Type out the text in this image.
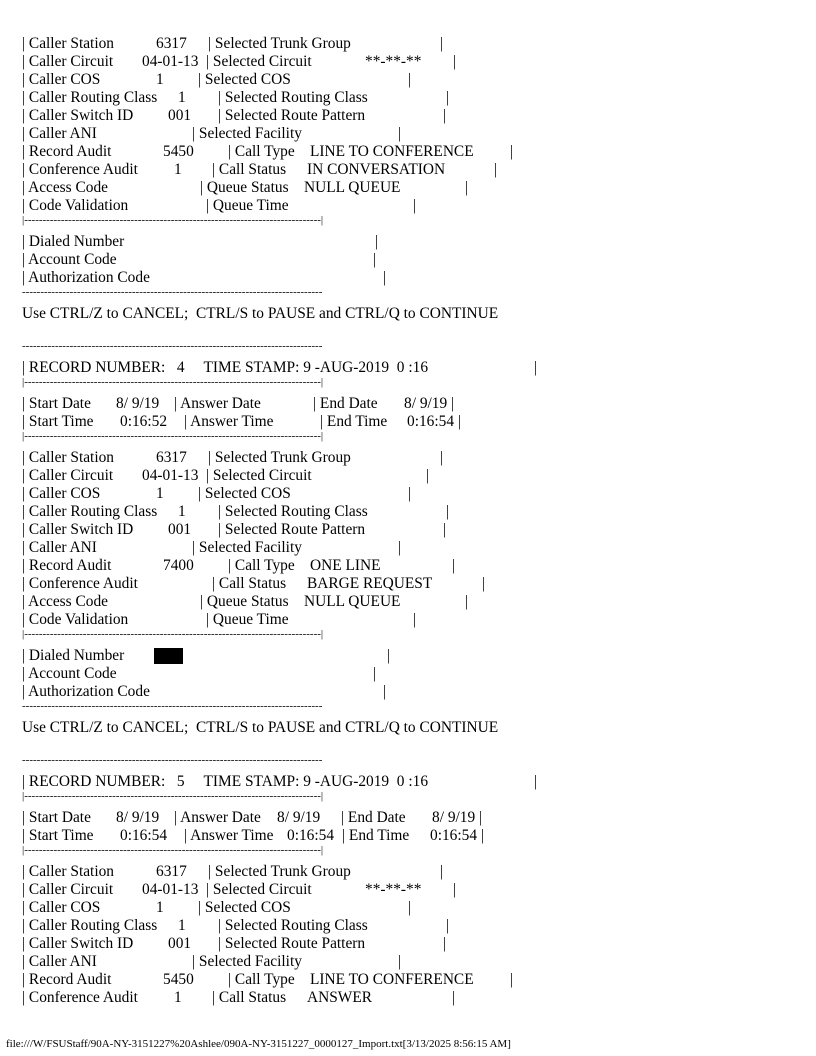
| Caller Station	6317 | Selected Trunk Group	|
| Caller Circuit 04-01-13 | Selected Circuit	**-**-** |
| Caller COS	1 | Selected COS	|
| Caller Routing Class 1 | Selected Routing Class	|
| Caller Switch ID 001 | Selected Route Pattern	|
| Caller ANI	| Selected Facility	|
| Record Audit	5450 | Call Type LINE TO CONFERENCE |
| Conference Audit 1 | Call Status IN CONVERSATION	|
| Access Code	| Queue Status NULL QUEUE	|
| Code Validation	| Queue Time	|
|---------------------------------------------------------------------------------|
| Dialed Number	|
| Account Code	|
| Authorization Code	|
----------------------------------------------------------------------------------
Use CTRL/Z to CANCEL;  CTRL/S to PAUSE and CTRL/Q to CONTINUE
----------------------------------------------------------------------------------
| RECORD NUMBER:   4     TIME STAMP: 9 -AUG-2019  0 :16	|
|---------------------------------------------------------------------------------|
| Start Date 8/ 9/19 | Answer Date	| End Date 8/ 9/19 |
| Start Time 0:16:52 | Answer Time	| End Time 0:16:54 |
|---------------------------------------------------------------------------------|
| Caller Station	6317 | Selected Trunk Group	|
| Caller Circuit 04-01-13 | Selected Circuit	|
| Caller COS	1 | Selected COS	|
| Caller Routing Class 1 | Selected Routing Class	|
| Caller Switch ID 001 | Selected Route Pattern	|
| Caller ANI	| Selected Facility	|
| Record Audit	7400 | Call Type ONE LINE	|
| Conference Audit	| Call Status BARGE REQUEST	|
| Access Code	| Queue Status NULL QUEUE	|
| Code Validation	| Queue Time	|
|---------------------------------------------------------------------------------|
| Dialed Number	|
| Account Code	|
| Authorization Code	|
----------------------------------------------------------------------------------
Use CTRL/Z to CANCEL;  CTRL/S to PAUSE and CTRL/Q to CONTINUE
----------------------------------------------------------------------------------
| RECORD NUMBER:   5     TIME STAMP: 9 -AUG-2019  0 :16	|
|---------------------------------------------------------------------------------|
| Start Date 8/ 9/19 | Answer Date 8/ 9/19 | End Date 8/ 9/19 |
| Start Time 0:16:54 | Answer Time 0:16:54 | End Time 0:16:54 |
|---------------------------------------------------------------------------------|
| Caller Station	6317 | Selected Trunk Group	|
| Caller Circuit 04-01-13 | Selected Circuit	**-**-** |
| Caller COS	1 | Selected COS	|
| Caller Routing Class 1 | Selected Routing Class	|
| Caller Switch ID 001 | Selected Route Pattern	|
| Caller ANI	| Selected Facility	|
| Record Audit	5450 | Call Type LINE TO CONFERENCE |
| Conference Audit 1 | Call Status ANSWER	|
file:///W/FSUStaff/90A-NY-3151227%20Ashlee/090A-NY-3151227_0000127_Import.txt[3/13/2025 8:56:15 AM]
